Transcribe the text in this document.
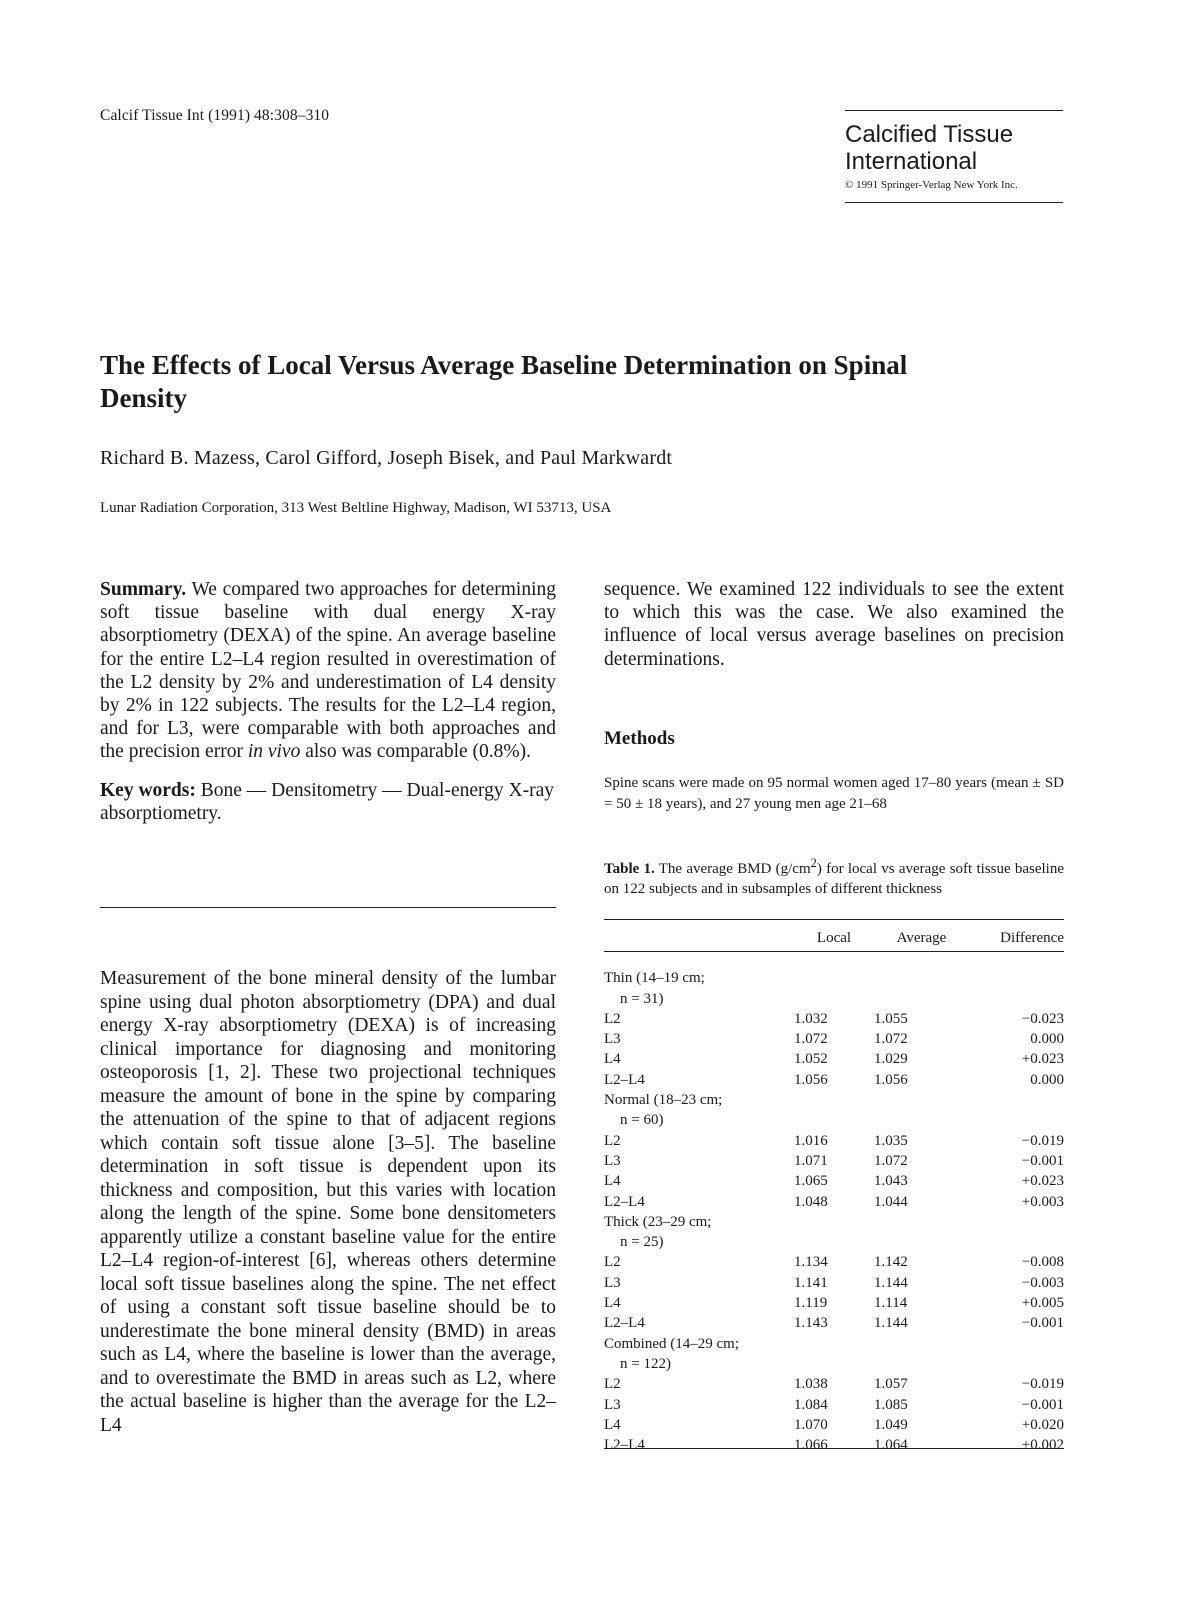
Calcif Tissue Int (1991) 48:308–310
Calcified Tissue
International
© 1991 Springer-Verlag New York Inc.
The Effects of Local Versus Average Baseline Determination on Spinal Density
Richard B. Mazess, Carol Gifford, Joseph Bisek, and Paul Markwardt
Lunar Radiation Corporation, 313 West Beltline Highway, Madison, WI 53713, USA

Summary. We compared two approaches for determining soft tissue baseline with dual energy X-ray absorptiometry (DEXA) of the spine. An average baseline for the entire L2–L4 region resulted in overestimation of the L2 density by 2% and underestimation of L4 density by 2% in 122 subjects. The results for the L2–L4 region, and for L3, were comparable with both approaches and the precision error in vivo also was comparable (0.8%).

Key words: Bone — Densitometry — Dual-energy X-ray absorptiometry.

Measurement of the bone mineral density of the lumbar spine using dual photon absorptiometry (DPA) and dual energy X-ray absorptiometry (DEXA) is of increasing clinical importance for diagnosing and monitoring osteoporosis [1, 2]. These two projectional techniques measure the amount of bone in the spine by comparing the attenuation of the spine to that of adjacent regions which contain soft tissue alone [3–5]. The baseline determination in soft tissue is dependent upon its thickness and composition, but this varies with location along the length of the spine. Some bone densitometers apparently utilize a constant baseline value for the entire L2–L4 region-of-interest [6], whereas others determine local soft tissue baselines along the spine. The net effect of using a constant soft tissue baseline should be to underestimate the bone mineral density (BMD) in areas such as L4, where the baseline is lower than the average, and to overestimate the BMD in areas such as L2, where the actual baseline is higher than the average for the L2–L4

sequence. We examined 122 individuals to see the extent to which this was the case. We also examined the influence of local versus average baselines on precision determinations.

Methods

Spine scans were made on 95 normal women aged 17–80 years (mean ± SD = 50 ± 18 years), and 27 young men age 21–68

Table 1. The average BMD $(g/cm^2)$ for local vs average soft tissue baseline on 122 subjects and in subsamples of different thickness

	Local	Average	Difference

Thin (14–19 cm;			
n = 31)			
L2	1.032	1.055	−0.023
L3	1.072	1.072	0.000
L4	1.052	1.029	+0.023
L2–L4	1.056	1.056	0.000
Normal (18–23 cm;			
n = 60)			
L2	1.016	1.035	−0.019
L3	1.071	1.072	−0.001
L4	1.065	1.043	+0.023
L2–L4	1.048	1.044	+0.003
Thick (23–29 cm;			
n = 25)			
L2	1.134	1.142	−0.008
L3	1.141	1.144	−0.003
L4	1.119	1.114	+0.005
L2–L4	1.143	1.144	−0.001
Combined (14–29 cm;			
n = 122)			
L2	1.038	1.057	−0.019
L3	1.084	1.085	−0.001
L4	1.070	1.049	+0.020
L2–L4	1.066	1.064	+0.002
